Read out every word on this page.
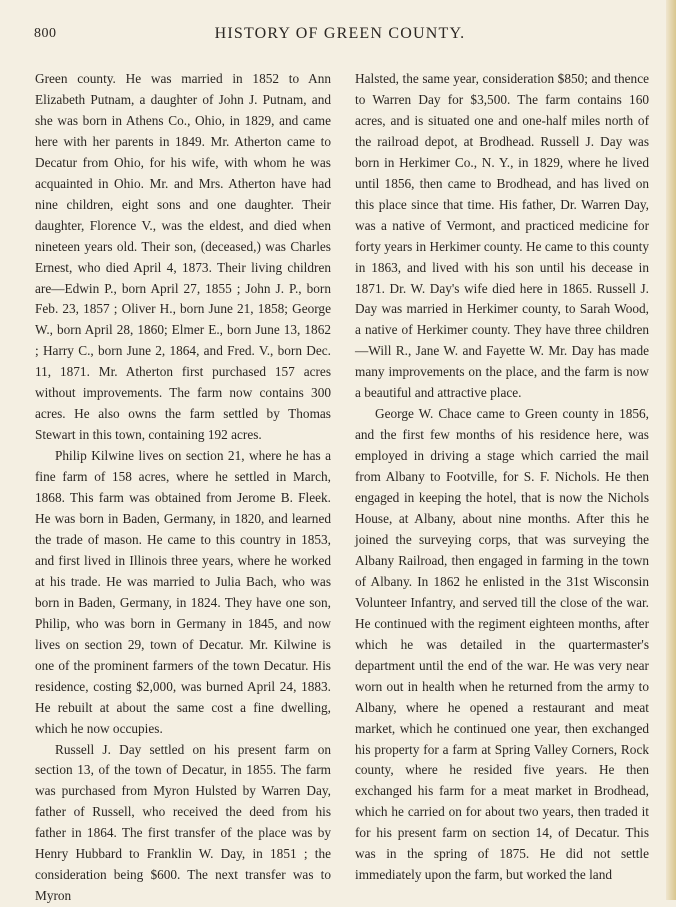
800	HISTORY OF GREEN COUNTY.

Green county. He was married in 1852 to Ann Elizabeth Putnam, a daughter of John J. Putnam, and she was born in Athens Co., Ohio, in 1829, and came here with her parents in 1849. Mr. Atherton came to Decatur from Ohio, for his wife, with whom he was acquainted in Ohio. Mr. and Mrs. Atherton have had nine children, eight sons and one daughter. Their daughter, Florence V., was the eldest, and died when nineteen years old. Their son, (deceased,) was Charles Ernest, who died April 4, 1873. Their living children are—Edwin P., born April 27, 1855 ; John J. P., born Feb. 23, 1857 ; Oliver H., born June 21, 1858; George W., born April 28, 1860; Elmer E., born June 13, 1862 ; Harry C., born June 2, 1864, and Fred. V., born Dec. 11, 1871. Mr. Atherton first purchased 157 acres without improvements. The farm now contains 300 acres. He also owns the farm settled by Thomas Stewart in this town, containing 192 acres.

Philip Kilwine lives on section 21, where he has a fine farm of 158 acres, where he settled in March, 1868. This farm was obtained from Jerome B. Fleek. He was born in Baden, Germany, in 1820, and learned the trade of mason. He came to this country in 1853, and first lived in Illinois three years, where he worked at his trade. He was married to Julia Bach, who was born in Baden, Germany, in 1824. They have one son, Philip, who was born in Germany in 1845, and now lives on section 29, town of Decatur. Mr. Kilwine is one of the prominent farmers of the town Decatur. His residence, costing $2,000, was burned April 24, 1883. He rebuilt at about the same cost a fine dwelling, which he now occupies.

Russell J. Day settled on his present farm on section 13, of the town of Decatur, in 1855. The farm was purchased from Myron Hulsted by Warren Day, father of Russell, who received the deed from his father in 1864. The first transfer of the place was by Henry Hubbard to Franklin W. Day, in 1851 ; the consideration being $600. The next transfer was to Myron

Halsted, the same year, consideration $850; and thence to Warren Day for $3,500. The farm contains 160 acres, and is situated one and one-half miles north of the railroad depot, at Brodhead. Russell J. Day was born in Herkimer Co., N. Y., in 1829, where he lived until 1856, then came to Brodhead, and has lived on this place since that time. His father, Dr. Warren Day, was a native of Vermont, and practiced medicine for forty years in Herkimer county. He came to this county in 1863, and lived with his son until his decease in 1871. Dr. W. Day's wife died here in 1865. Russell J. Day was married in Herkimer county, to Sarah Wood, a native of Herkimer county. They have three children—Will R., Jane W. and Fayette W. Mr. Day has made many improvements on the place, and the farm is now a beautiful and attractive place.

George W. Chace came to Green county in 1856, and the first few months of his residence here, was employed in driving a stage which carried the mail from Albany to Footville, for S. F. Nichols. He then engaged in keeping the hotel, that is now the Nichols House, at Albany, about nine months. After this he joined the surveying corps, that was surveying the Albany Railroad, then engaged in farming in the town of Albany. In 1862 he enlisted in the 31st Wisconsin Volunteer Infantry, and served till the close of the war. He continued with the regiment eighteen months, after which he was detailed in the quartermaster's department until the end of the war. He was very near worn out in health when he returned from the army to Albany, where he opened a restaurant and meat market, which he continued one year, then exchanged his property for a farm at Spring Valley Corners, Rock county, where he resided five years. He then exchanged his farm for a meat market in Brodhead, which he carried on for about two years, then traded it for his present farm on section 14, of Decatur. This was in the spring of 1875. He did not settle immediately upon the farm, but worked the land
